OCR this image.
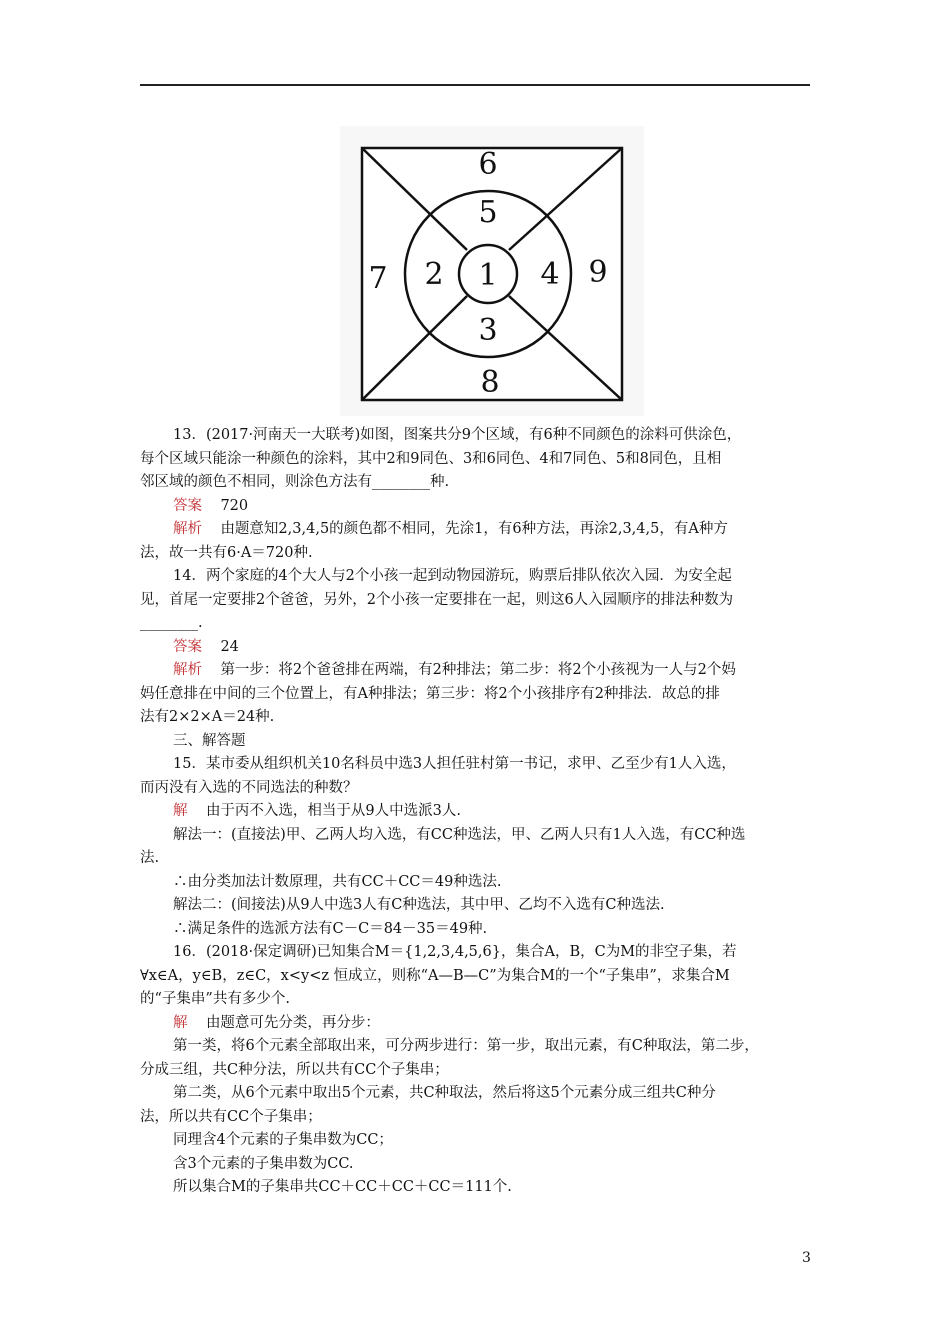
6
5
7 2 1 4 9
3
8

13．(2017·河南天一大联考)如图，图案共分9个区域，有6种不同颜色的涂料可供涂色，

每个区域只能涂一种颜色的涂料，其中2和9同色、3和6同色、4和7同色、5和8同色，且相

邻区域的颜色不相同，则涂色方法有________种.

答案 720

解析 由题意知2,3,4,5的颜色都不相同，先涂1，有6种方法，再涂2,3,4,5，有A种方

法，故一共有6·A＝720种.

14．两个家庭的4个大人与2个小孩一起到动物园游玩，购票后排队依次入园．为安全起

见，首尾一定要排2个爸爸，另外，2个小孩一定要排在一起，则这6人入园顺序的排法种数为

________.

答案 24

解析 第一步：将2个爸爸排在两端，有2种排法；第二步：将2个小孩视为一人与2个妈

妈任意排在中间的三个位置上，有A种排法；第三步：将2个小孩排序有2种排法．故总的排

法有2×2×A＝24种.

三、解答题

15．某市委从组织机关10名科员中选3人担任驻村第一书记，求甲、乙至少有1人入选，

而丙没有入选的不同选法的种数？

解 由于丙不入选，相当于从9人中选派3人.

解法一：(直接法)甲、乙两人均入选，有CC种选法，甲、乙两人只有1人入选，有CC种选

法.

∴由分类加法计数原理，共有CC＋CC＝49种选法.

解法二：(间接法)从9人中选3人有C种选法，其中甲、乙均不入选有C种选法.

∴满足条件的选派方法有C－C＝84－35＝49种.

16．(2018·保定调研)已知集合M＝{1,2,3,4,5,6}，集合A，B，C为M的非空子集，若

∀x∈A，y∈B，z∈C，x<y<z 恒成立，则称“A—B—C”为集合M的一个“子集串”，求集合M

的“子集串”共有多少个.

解 由题意可先分类，再分步：

第一类，将6个元素全部取出来，可分两步进行：第一步，取出元素，有C种取法，第二步，

分成三组，共C种分法，所以共有CC个子集串；

第二类，从6个元素中取出5个元素，共C种取法，然后将这5个元素分成三组共C种分

法，所以共有CC个子集串；

同理含4个元素的子集串数为CC；

含3个元素的子集串数为CC.

所以集合M的子集串共CC＋CC＋CC＋CC＝111个.

3
